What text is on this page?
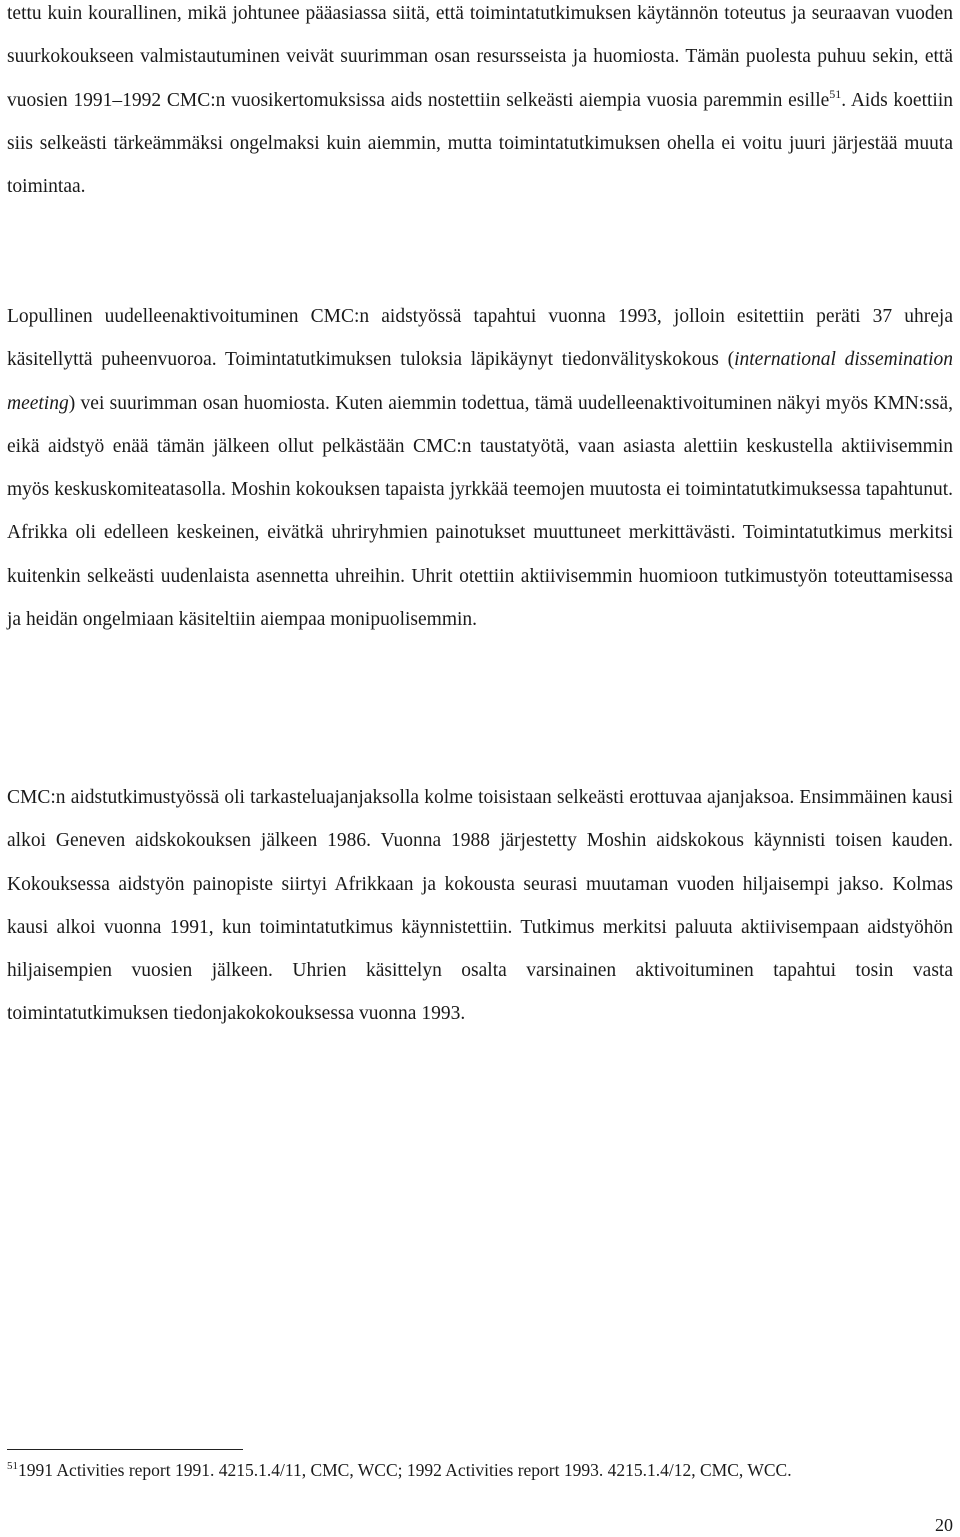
tettu kuin kourallinen, mikä johtunee pääasiassa siitä, että toimintatutkimuksen käytännön toteutus ja seuraavan vuoden suurkokoukseen valmistautuminen veivät suurimman osan resursseista ja huomiosta. Tämän puolesta puhuu sekin, että vuosien 1991–1992 CMC:n vuosikertomuksissa aids nostettiin selkeästi aiempia vuosia paremmin esille$^{51}$. Aids koettiin siis selkeästi tärkeämmäksi ongelmaksi kuin aiemmin, mutta toimintatutkimuksen ohella ei voitu juuri järjestää muuta toimintaa.

Lopullinen uudelleenaktivoituminen CMC:n aidstyössä tapahtui vuonna 1993, jolloin esitettiin peräti 37 uhreja käsitellyttä puheenvuoroa. Toimintatutkimuksen tuloksia läpikäynyt tiedonvälityskokous (international dissemination meeting) vei suurimman osan huomiosta. Kuten aiemmin todettua, tämä uudelleenaktivoituminen näkyi myös KMN:ssä, eikä aidstyö enää tämän jälkeen ollut pelkästään CMC:n taustatyötä, vaan asiasta alettiin keskustella aktiivisemmin myös keskuskomiteatasolla. Moshin kokouksen tapaista jyrkkää teemojen muutosta ei toimintatutkimuksessa tapahtunut. Afrikka oli edelleen keskeinen, eivätkä uhriryhmien painotukset muuttuneet merkittävästi. Toimintatutkimus merkitsi kuitenkin selkeästi uudenlaista asennetta uhreihin. Uhrit otettiin aktiivisemmin huomioon tutkimustyön toteuttamisessa ja heidän ongelmiaan käsiteltiin aiempaa monipuolisemmin.

CMC:n aidstutkimustyössä oli tarkasteluajanjaksolla kolme toisistaan selkeästi erottuvaa ajanjaksoa. Ensimmäinen kausi alkoi Geneven aidskokouksen jälkeen 1986. Vuonna 1988 järjestetty Moshin aidskokous käynnisti toisen kauden. Kokouksessa aidstyön painopiste siirtyi Afrikkaan ja kokousta seurasi muutaman vuoden hiljaisempi jakso. Kolmas kausi alkoi vuonna 1991, kun toimintatutkimus käynnistettiin. Tutkimus merkitsi paluuta aktiivisempaan aidstyöhön hiljaisempien vuosien jälkeen. Uhrien käsittelyn osalta varsinainen aktivoituminen tapahtui tosin vasta toimintatutkimuksen tiedonjakokokouksessa vuonna 1993.

$^{51}$1991 Activities report 1991. 4215.1.4/11, CMC, WCC; 1992 Activities report 1993. 4215.1.4/12, CMC, WCC.

20
